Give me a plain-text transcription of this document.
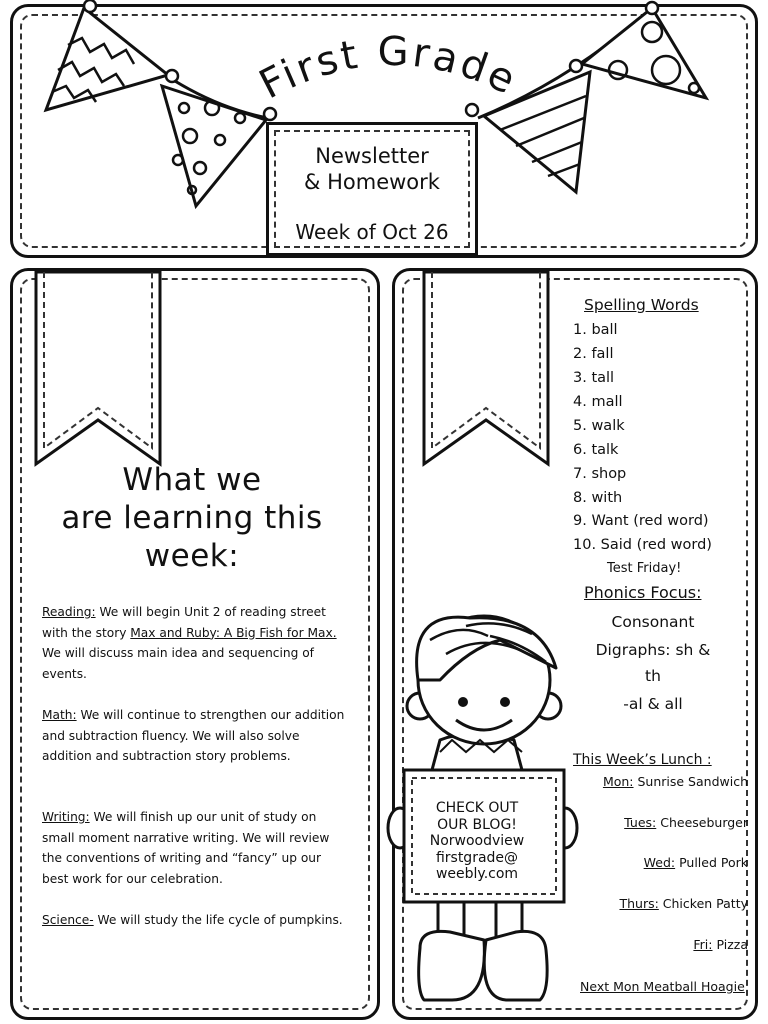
First Grade
Newsletter
& Homework
Week of Oct 26
What we
are learning this
week:
Reading: We will begin Unit 2 of reading street with the story Max and Ruby: A Big Fish for Max. We will discuss main idea and sequencing of events.
Math: We will continue to strengthen our addition and subtraction fluency. We will also solve addition and subtraction story problems.
Writing: We will finish up our unit of study on small moment narrative writing. We will review the conventions of writing and “fancy” up our best work for our celebration.
Science- We will study the life cycle of pumpkins.
Spelling Words
1. ball
2. fall
3. tall
4. mall
5. walk
6. talk
7. shop
8. with
9. Want (red word)
10. Said (red word)
Test Friday!
Phonics Focus:
Consonant
Digraphs: sh &
th
-al & all
CHECK OUT
OUR BLOG!
Norwoodview
firstgrade@
weebly.com
This Week’s Lunch :
Mon: Sunrise Sandwich
Tues: Cheeseburger
Wed: Pulled Pork
Thurs: Chicken Patty
Fri: Pizza
Next Mon Meatball Hoagie
